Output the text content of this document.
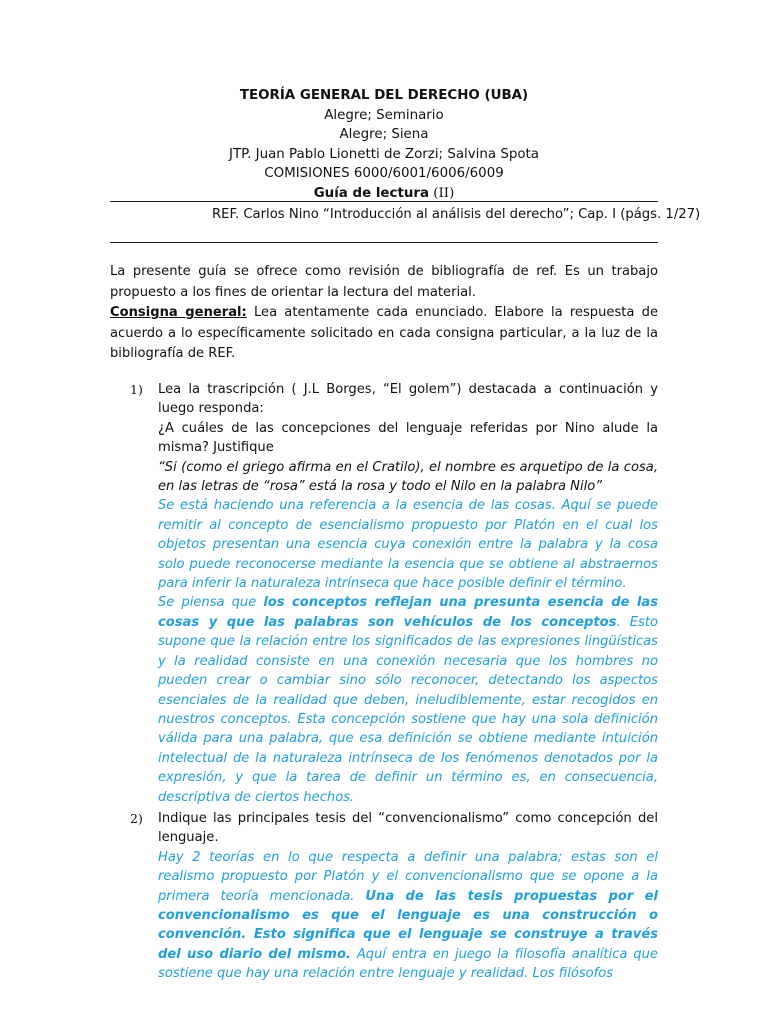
TEORÍA GENERAL DEL DERECHO (UBA)
Alegre; Seminario
Alegre; Siena
JTP. Juan Pablo Lionetti de Zorzi; Salvina Spota
COMISIONES 6000/6001/6006/6009
Guía de lectura (II)
REF. Carlos Nino “Introducción al análisis del derecho”; Cap. I (págs. 1/27)

La presente guía se ofrece como revisión de bibliografía de ref. Es un trabajo propuesto a los fines de orientar la lectura del material.

Consigna general: Lea atentamente cada enunciado. Elabore la respuesta de acuerdo a lo específicamente solicitado en cada consigna particular, a la luz de la bibliografía de REF.

1) Lea la trascripción ( J.L Borges, “El golem”) destacada a continuación y luego responda:

¿A cuáles de las concepciones del lenguaje referidas por Nino alude la misma? Justifique

“Si (como el griego afirma en el Cratilo), el nombre es arquetipo de la cosa, en las letras de “rosa” está la rosa y todo el Nilo en la palabra Nilo”

Se está haciendo una referencia a la esencia de las cosas. Aquí se puede remitir al concepto de esencialismo propuesto por Platón en el cual los objetos presentan una esencia cuya conexión entre la palabra y la cosa solo puede reconocerse mediante la esencia que se obtiene al abstraernos para inferir la naturaleza intrínseca que hace posible definir el término.

Se piensa que los conceptos reflejan una presunta esencia de las cosas y que las palabras son vehículos de los conceptos. Esto supone que la relación entre los significados de las expresiones lingüísticas y la realidad consiste en una conexión necesaria que los hombres no pueden crear o cambiar sino sólo reconocer, detectando los aspectos esenciales de la realidad que deben, ineludiblemente, estar recogidos en nuestros conceptos. Esta concepción sostiene que hay una sola definición válida para una palabra, que esa definición se obtiene mediante intuición intelectual de la naturaleza intrínseca de los fenómenos denotados por la expresión, y que la tarea de definir un término es, en consecuencia, descriptiva de ciertos hechos.

2) Indique las principales tesis del “convencionalismo” como concepción del lenguaje.

Hay 2 teorías en lo que respecta a definir una palabra; estas son el realismo propuesto por Platón y el convencionalismo que se opone a la primera teoría mencionada. Una de las tesis propuestas por el convencionalismo es que el lenguaje es una construcción o convención. Esto significa que el lenguaje se construye a través del uso diario del mismo. Aquí entra en juego la filosofía analítica que sostiene que hay una relación entre lenguaje y realidad. Los filósofos
